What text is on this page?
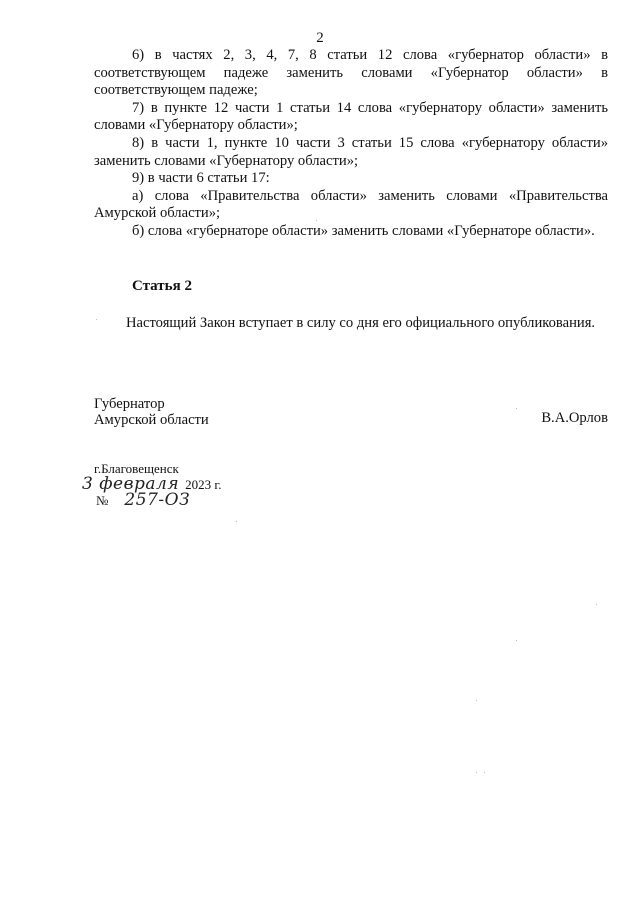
2

6) в частях 2, 3, 4, 7, 8 статьи 12 слова «губернатор области» в соответствующем падеже заменить словами «Губернатор области» в соответствующем падеже;

7) в пункте 12 части 1 статьи 14 слова «губернатору области» заменить словами «Губернатору области»;

8) в части 1, пункте 10 части 3 статьи 15 слова «губернатору области» заменить словами «Губернатору области»;

9) в части 6 статьи 17:

а) слова «Правительства области» заменить словами «Правительства Амурской области»;

б) слова «губернаторе области» заменить словами «Губернаторе области».

Статья 2

Настоящий Закон вступает в силу со дня его официального опубликования.

Губернатор
Амурской области	В.А.Орлов
г.Благовещенск
3 февраля 2023 г.
№ 257-ОЗ
